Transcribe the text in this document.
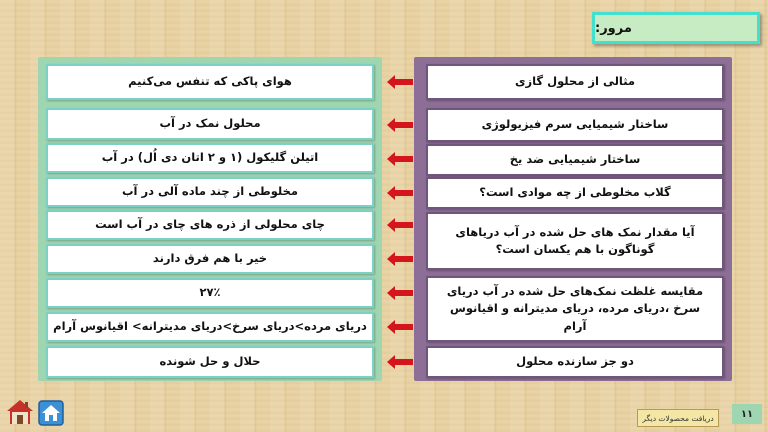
مرور:
مثالی از محلول گازی
ساختار شیمیایی سرم فیزیولوژی
ساختار شیمیایی ضد یخ
گلاب مخلوطی از چه موادی است؟
آیا مقدار نمک های حل شده در آب دریاهای گوناگون با هم یکسان است؟
مقایسه غلظت نمک‌های حل شده در آب دریای سرخ ،دریای مرده، دریای مدیترانه و اقیانوس آرام
دو جز سازنده محلول
هوای پاکی که تنفس می‌کنیم
محلول نمک در آب
اتیلن گلیکول (۱ و ۲ اتان دی اُل) در آب
مخلوطی از چند ماده آلی در آب
چای محلولی از ذره های چای در آب است
خیر با هم فرق دارند
۲۷٪
دریای مرده>دریای سرخ>دریای مدیترانه> اقیانوس آرام
حلال و حل شونده
دریافت محصولات دیگر	۱۱
